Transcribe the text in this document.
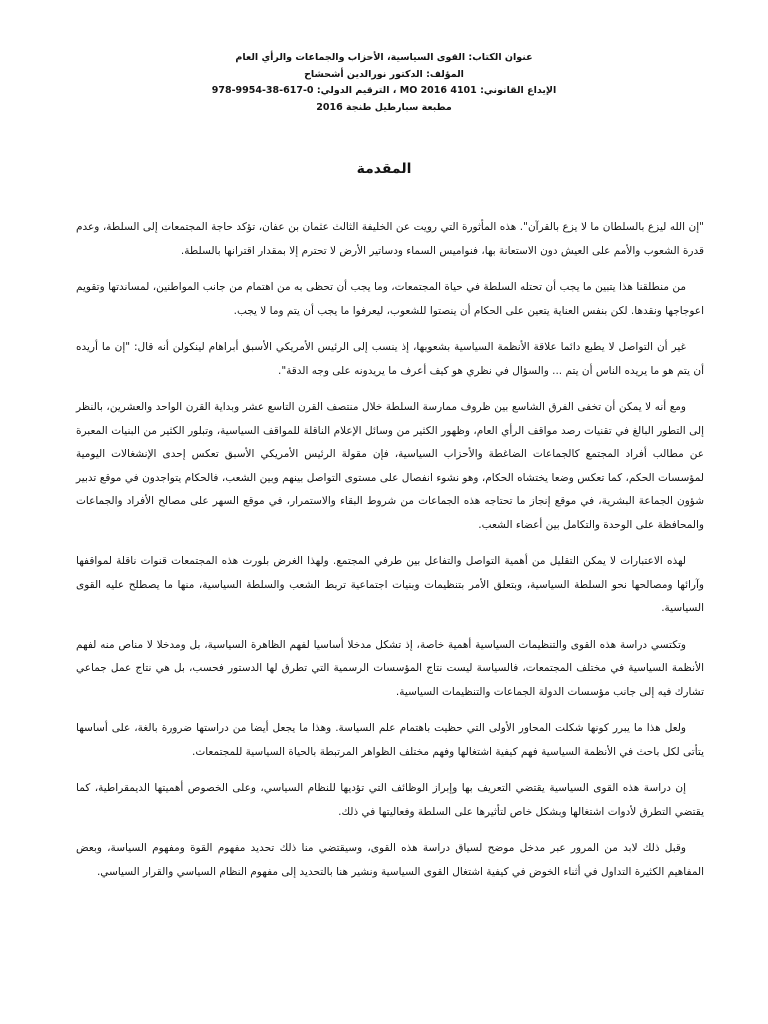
عنوان الكتاب: القوى السياسية، الأحزاب والجماعات والرأي العام
المؤلف: الدكتور نورالدين أشحشاح
الإيداع القانوني: 4101 MO 2016 ، الترقيم الدولي: 0-617-38-9954-978
مطبعة سبارطيل طنجة 2016
المقدمة

"إن الله ليزع بالسلطان ما لا يزع بالقرآن". هذه المأثورة التي رويت عن الخليفة الثالث عثمان بن عفان، تؤكد حاجة المجتمعات إلى السلطة، وعدم قدرة الشعوب والأمم على العيش دون الاستعانة بها، فنواميس السماء ودساتير الأرض لا تحترم إلا بمقدار اقترانها بالسلطة.

من منطلقنا هذا يتبين ما يجب أن تحتله السلطة في حياة المجتمعات، وما يجب أن تحظى به من اهتمام من جانب المواطنين، لمساندتها وتقويم اعوجاجها ونقدها. لكن بنفس العناية يتعين على الحكام أن ينصتوا للشعوب، ليعرفوا ما يجب أن يتم وما لا يجب.

غير أن التواصل لا يطبع دائما علاقة الأنظمة السياسية بشعوبها، إذ ينسب إلى الرئيس الأمريكي الأسبق أبراهام لينكولن أنه قال: "إن ما أريده أن يتم هو ما يريده الناس أن يتم ... والسؤال في نظري هو كيف أعرف ما يريدونه على وجه الدقة".

ومع أنه لا يمكن أن تخفى الفرق الشاسع بين ظروف ممارسة السلطة خلال منتصف القرن التاسع عشر وبداية القرن الواحد والعشرين، بالنظر إلى التطور البالغ في تقنيات رصد مواقف الرأي العام، وظهور الكثير من وسائل الإعلام الناقلة للمواقف السياسية، وتبلور الكثير من البنيات المعبرة عن مطالب أفراد المجتمع كالجماعات الضاغطة والأحزاب السياسية، فإن مقولة الرئيس الأمريكي الأسبق تعكس إحدى الإنشغالات اليومية لمؤسسات الحكم، كما تعكس وضعا يختشاه الحكام، وهو نشوء انفصال على مستوى التواصل بينهم وبين الشعب، فالحكام يتواجدون في موقع تدبير شؤون الجماعة البشرية، في موقع إنجاز ما تحتاجه هذه الجماعات من شروط البقاء والاستمرار، في موقع السهر على مصالح الأفراد والجماعات والمحافظة على الوحدة والتكامل بين أعضاء الشعب.

لهذه الاعتبارات لا يمكن التقليل من أهمية التواصل والتفاعل بين طرفي المجتمع. ولهذا الغرض بلورت هذه المجتمعات قنوات ناقلة لمواقفها وآرائها ومصالحها نحو السلطة السياسية، وبتعلق الأمر بتنظيمات وبنيات اجتماعية تربط الشعب والسلطة السياسية، منها ما يصطلح عليه القوى السياسية.

وتكتسي دراسة هذه القوى والتنظيمات السياسية أهمية خاصة، إذ تشكل مدخلا أساسيا لفهم الظاهرة السياسية، بل ومدخلا لا مناص منه لفهم الأنظمة السياسية في مختلف المجتمعات، فالسياسة ليست نتاج المؤسسات الرسمية التي تطرق لها الدستور فحسب، بل هي نتاج عمل جماعي تشارك فيه إلى جانب مؤسسات الدولة الجماعات والتنظيمات السياسية.

ولعل هذا ما يبرر كونها شكلت المحاور الأولى التي حظيت باهتمام علم السياسة. وهذا ما يجعل أيضا من دراستها ضرورة بالغة، على أساسها يتأتى لكل باحث في الأنظمة السياسية فهم كيفية اشتغالها وفهم مختلف الظواهر المرتبطة بالحياة السياسية للمجتمعات.

إن دراسة هذه القوى السياسية يقتضي التعريف بها وإبراز الوظائف التي تؤديها للنظام السياسي، وعلى الخصوص أهميتها الديمقراطية، كما يقتضي التطرق لأدوات اشتغالها وبشكل خاص لتأثيرها على السلطة وفعاليتها في ذلك.

وقبل ذلك لابد من المرور عبر مدخل موضح لسياق دراسة هذه القوى، وسيقتضي منا ذلك تحديد مفهوم القوة ومفهوم السياسة، وبعض المفاهيم الكثيرة التداول في أثناء الخوض في كيفية اشتغال القوى السياسية ونشير هنا بالتحديد إلى مفهوم النظام السياسي والقرار السياسي.
